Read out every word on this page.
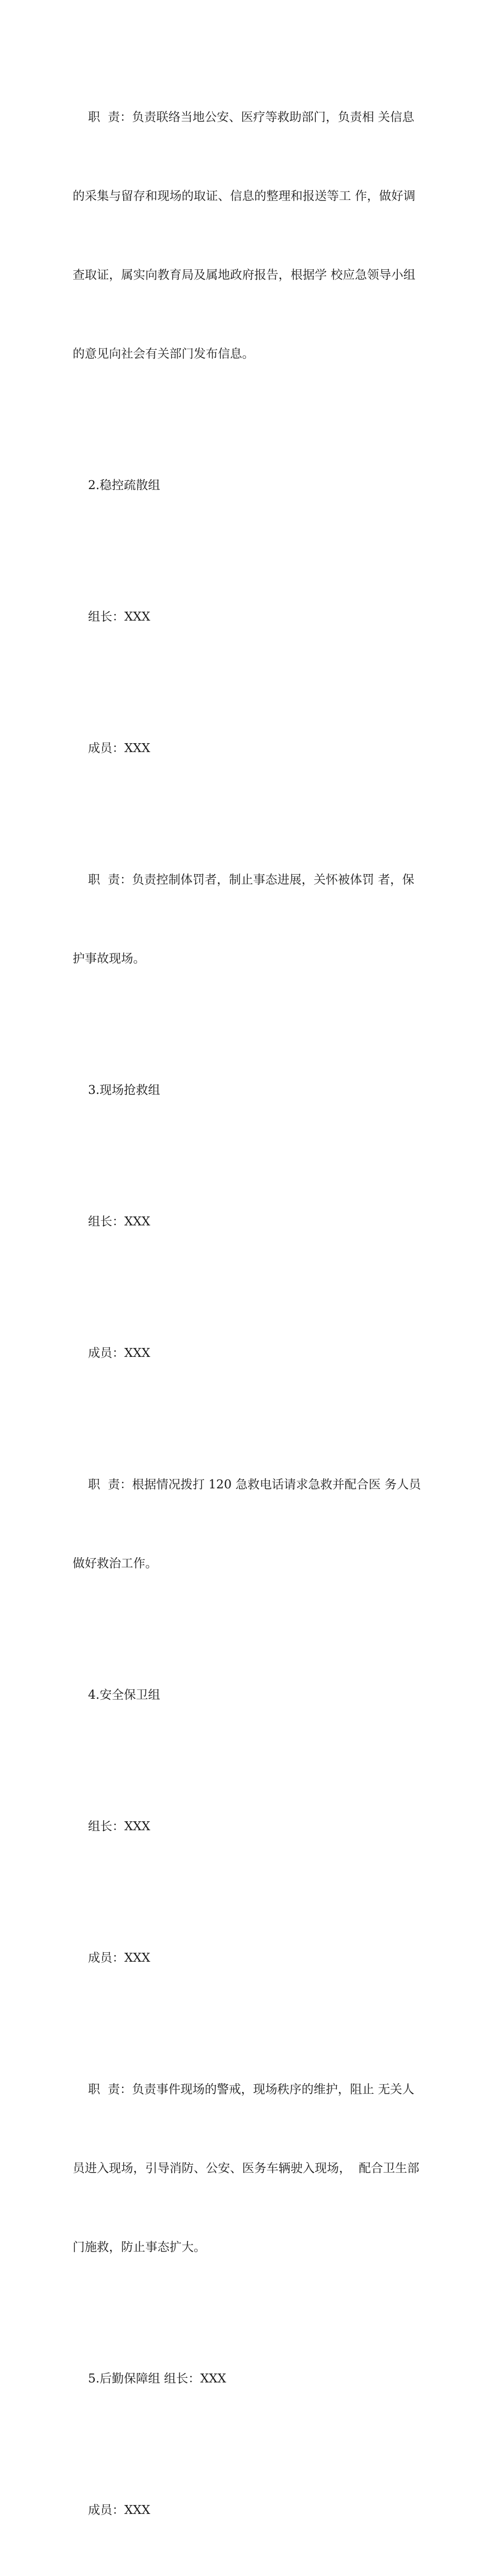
职  责：负责联络当地公安、医疗等救助部门，负责相 关信息

的采集与留存和现场的取证、信息的整理和报送等工 作，做好调

查取证，属实向教育局及属地政府报告，根据学 校应急领导小组

的意见向社会有关部门发布信息。

2.稳控疏散组

组长：XXX

成员：XXX

职  责：负责控制体罚者，制止事态进展，关怀被体罚 者，保

护事故现场。

3.现场抢救组

组长：XXX

成员：XXX

职  责：根据情况拨打 120 急救电话请求急救并配合医 务人员

做好救治工作。

4.安全保卫组

组长：XXX

成员：XXX

职  责：负责事件现场的警戒，现场秩序的维护，阻止 无关人

员进入现场，引导消防、公安、医务车辆驶入现场，  配合卫生部

门施救，防止事态扩大。

5.后勤保障组 组长：XXX

成员：XXX
